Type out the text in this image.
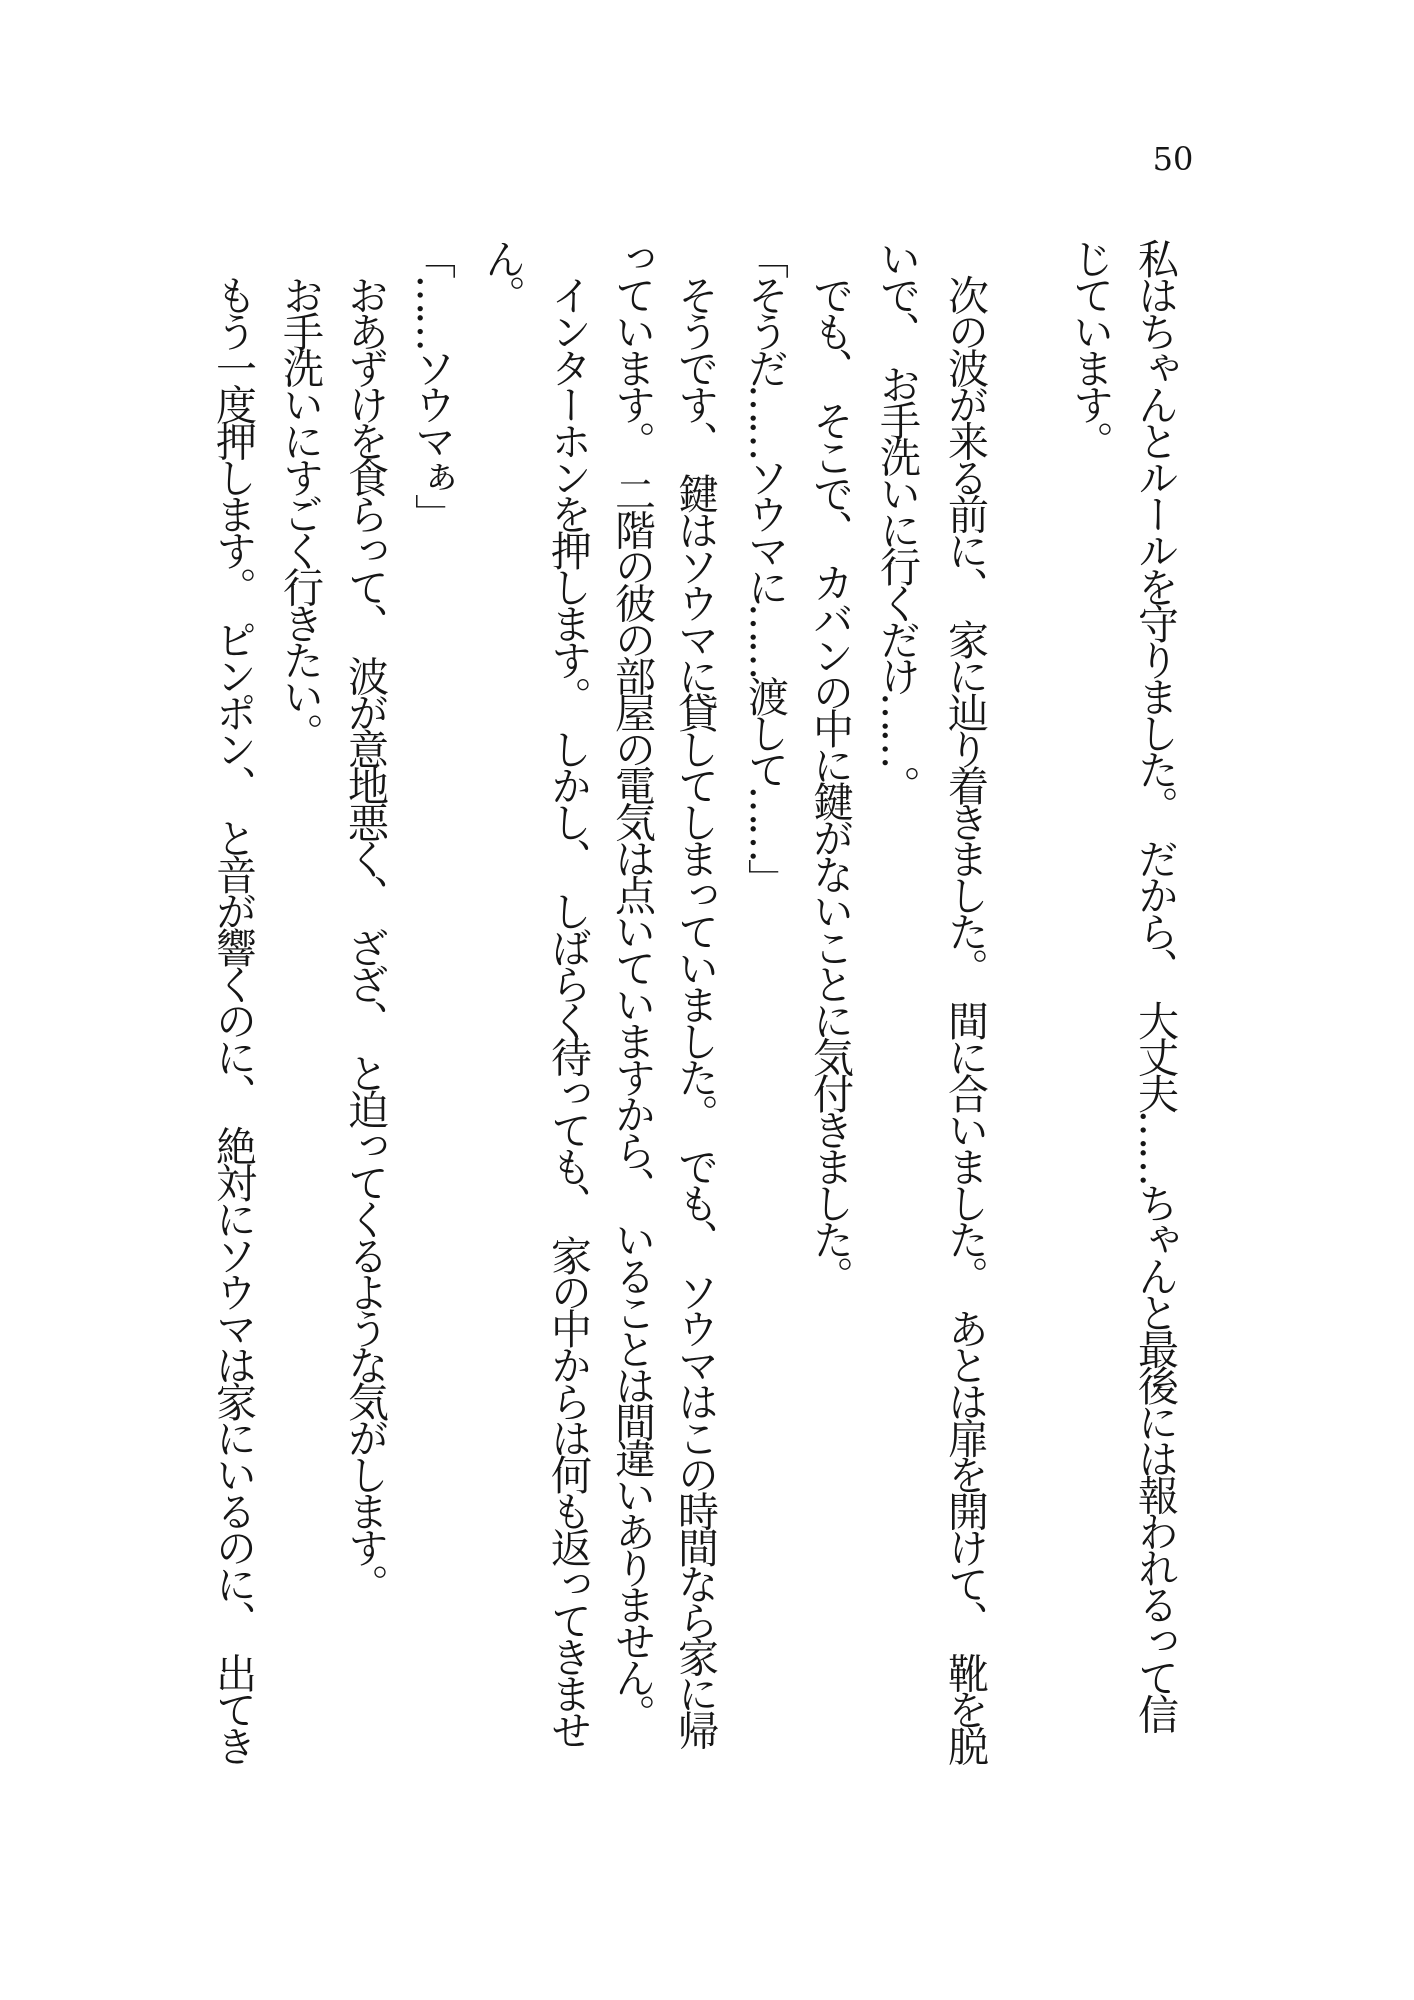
50
私はちゃんとルールを守りました。　だから、　大丈夫……ちゃんと最後には報われるって信
じています。
　次の波が来る前に、　家に辿り着きました。　間に合いました。　あとは扉を開けて、　靴を脱
いで、　お手洗いに行くだけ……。
　でも、　そこで、　カバンの中に鍵がないことに気付きました。
「そうだ……ソウマに……渡して……」
　そうです、　鍵はソウマに貸してしまっていました。　でも、　ソウマはこの時間なら家に帰
っています。　二階の彼の部屋の電気は点いていますから、　いることは間違いありません。
　インターホンを押します。　しかし、　しばらく待っても、　家の中からは何も返ってきませ
ん。
「……ソウマぁ」
　おあずけを食らって、　波が意地悪く、　ざざ、　と迫ってくるような気がします。
　お手洗いにすごく行きたい。
　もう一度押します。　ピンポン、　と音が響くのに、　絶対にソウマは家にいるのに、　出てき
